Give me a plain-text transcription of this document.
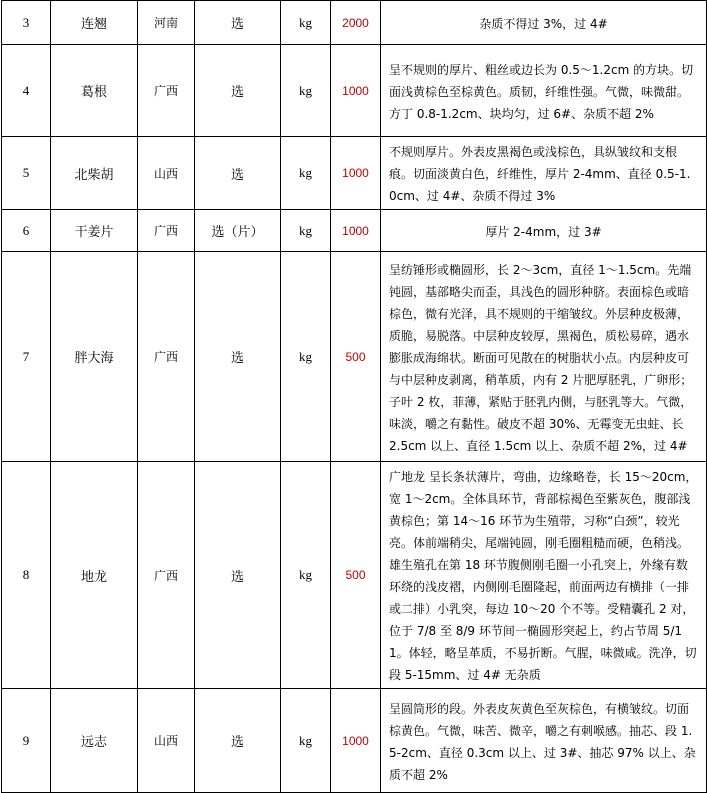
3	连翘	河南	选	kg	2000	杂质不得过 3%，过 4#
4	葛根	广西	选	kg	1000	呈不规则的厚片、粗丝或边长为 0.5～1.2cm 的方块。切面浅黄棕色至棕黄色。质韧，纤维性强。气微，味微甜。方丁 0.8-1.2cm、块均匀，过 6#、杂质不超 2%
5	北柴胡	山西	选	kg	1000	不规则厚片。外表皮黑褐色或浅棕色，具纵皱纹和支根痕。切面淡黄白色，纤维性，厚片 2-4mm、直径 0.5-1.0cm、过 4#、杂质不得过 3%
6	干姜片	广西	选（片）	kg	1000	厚片 2-4mm，过 3#
7	胖大海	广西	选	kg	500	呈纺锤形或椭圆形，长 2～3cm，直径 1～1.5cm。先端钝圆，基部略尖而歪，具浅色的圆形种脐。表面棕色或暗棕色，微有光泽，具不规则的干缩皱纹。外层种皮极薄，质脆，易脱落。中层种皮较厚，黑褐色，质松易碎，遇水膨胀成海绵状。断面可见散在的树脂状小点。内层种皮可与中层种皮剥离，稍革质，内有 2 片肥厚胚乳，广卵形；子叶 2 枚，菲薄，紧贴于胚乳内侧，与胚乳等大。气微，味淡，嚼之有黏性。破皮不超 30%、无霉变无虫蛀、长 2.5cm 以上、直径 1.5cm 以上、杂质不超 2%，过 4#
8	地龙	广西	选	kg	500	广地龙 呈长条状薄片，弯曲，边缘略卷，长 15～20cm，宽 1～2cm。全体具环节，背部棕褐色至紫灰色，腹部浅黄棕色；第 14～16 环节为生殖带，习称“白颈”，较光亮。体前端稍尖，尾端钝圆，刚毛圈粗糙而硬，色稍浅。雄生殖孔在第 18 环节腹侧刚毛圈一小孔突上，外缘有数环绕的浅皮褶，内侧刚毛圈隆起，前面两边有横排（一排或二排）小乳突，每边 10～20 个不等。受精囊孔 2 对，位于 7/8 至 8/9 环节间一椭圆形突起上，约占节周 5/11。体轻，略呈革质，不易折断。气腥，味微咸。洗净，切段 5-15mm、过 4# 无杂质
9	远志	山西	选	kg	1000	呈圆筒形的段。外表皮灰黄色至灰棕色，有横皱纹。切面棕黄色。气微，味苦、微辛，嚼之有刺喉感。抽芯、段 1.5-2cm、直径 0.3cm 以上、过 3#、抽芯 97% 以上、杂质不超 2%
